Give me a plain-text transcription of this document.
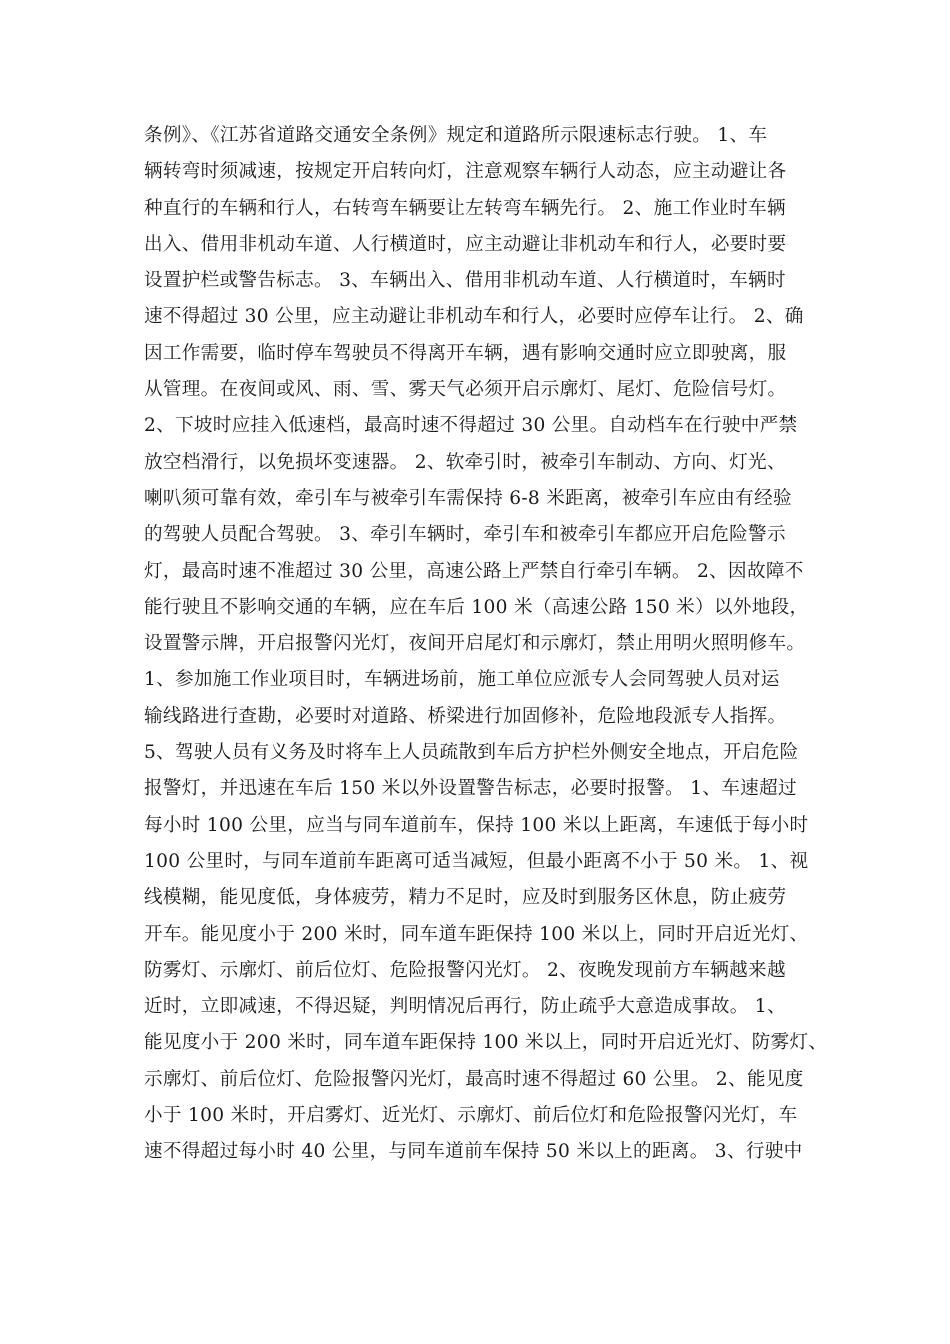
条例》、《江苏省道路交通安全条例》规定和道路所示限速标志行驶。 1、车
辆转弯时须减速，按规定开启转向灯，注意观察车辆行人动态，应主动避让各
种直行的车辆和行人，右转弯车辆要让左转弯车辆先行。 2、施工作业时车辆
出入、借用非机动车道、人行横道时，应主动避让非机动车和行人，必要时要
设置护栏或警告标志。 3、车辆出入、借用非机动车道、人行横道时，车辆时
速不得超过 30 公里，应主动避让非机动车和行人，必要时应停车让行。 2、确
因工作需要，临时停车驾驶员不得离开车辆，遇有影响交通时应立即驶离，服
从管理。在夜间或风、雨、雪、雾天气必须开启示廓灯、尾灯、危险信号灯。
2、下坡时应挂入低速档，最高时速不得超过 30 公里。自动档车在行驶中严禁
放空档滑行，以免损坏变速器。 2、软牵引时，被牵引车制动、方向、灯光、
喇叭须可靠有效，牵引车与被牵引车需保持 6-8 米距离，被牵引车应由有经验
的驾驶人员配合驾驶。 3、牵引车辆时，牵引车和被牵引车都应开启危险警示
灯，最高时速不准超过 30 公里，高速公路上严禁自行牵引车辆。 2、因故障不
能行驶且不影响交通的车辆，应在车后 100 米（高速公路 150 米）以外地段，
设置警示牌，开启报警闪光灯，夜间开启尾灯和示廓灯，禁止用明火照明修车。
1、参加施工作业项目时，车辆进场前，施工单位应派专人会同驾驶人员对运
输线路进行查勘，必要时对道路、桥梁进行加固修补，危险地段派专人指挥。
5、驾驶人员有义务及时将车上人员疏散到车后方护栏外侧安全地点，开启危险
报警灯，并迅速在车后 150 米以外设置警告标志，必要时报警。 1、车速超过
每小时 100 公里，应当与同车道前车，保持 100 米以上距离，车速低于每小时
100 公里时，与同车道前车距离可适当减短，但最小距离不小于 50 米。 1、视
线模糊，能见度低，身体疲劳，精力不足时，应及时到服务区休息，防止疲劳
开车。能见度小于 200 米时，同车道车距保持 100 米以上，同时开启近光灯、
防雾灯、示廓灯、前后位灯、危险报警闪光灯。 2、夜晚发现前方车辆越来越
近时，立即减速，不得迟疑，判明情况后再行，防止疏乎大意造成事故。 1、
能见度小于 200 米时，同车道车距保持 100 米以上，同时开启近光灯、防雾灯、
示廓灯、前后位灯、危险报警闪光灯，最高时速不得超过 60 公里。 2、能见度
小于 100 米时，开启雾灯、近光灯、示廓灯、前后位灯和危险报警闪光灯，车
速不得超过每小时 40 公里，与同车道前车保持 50 米以上的距离。 3、行驶中
